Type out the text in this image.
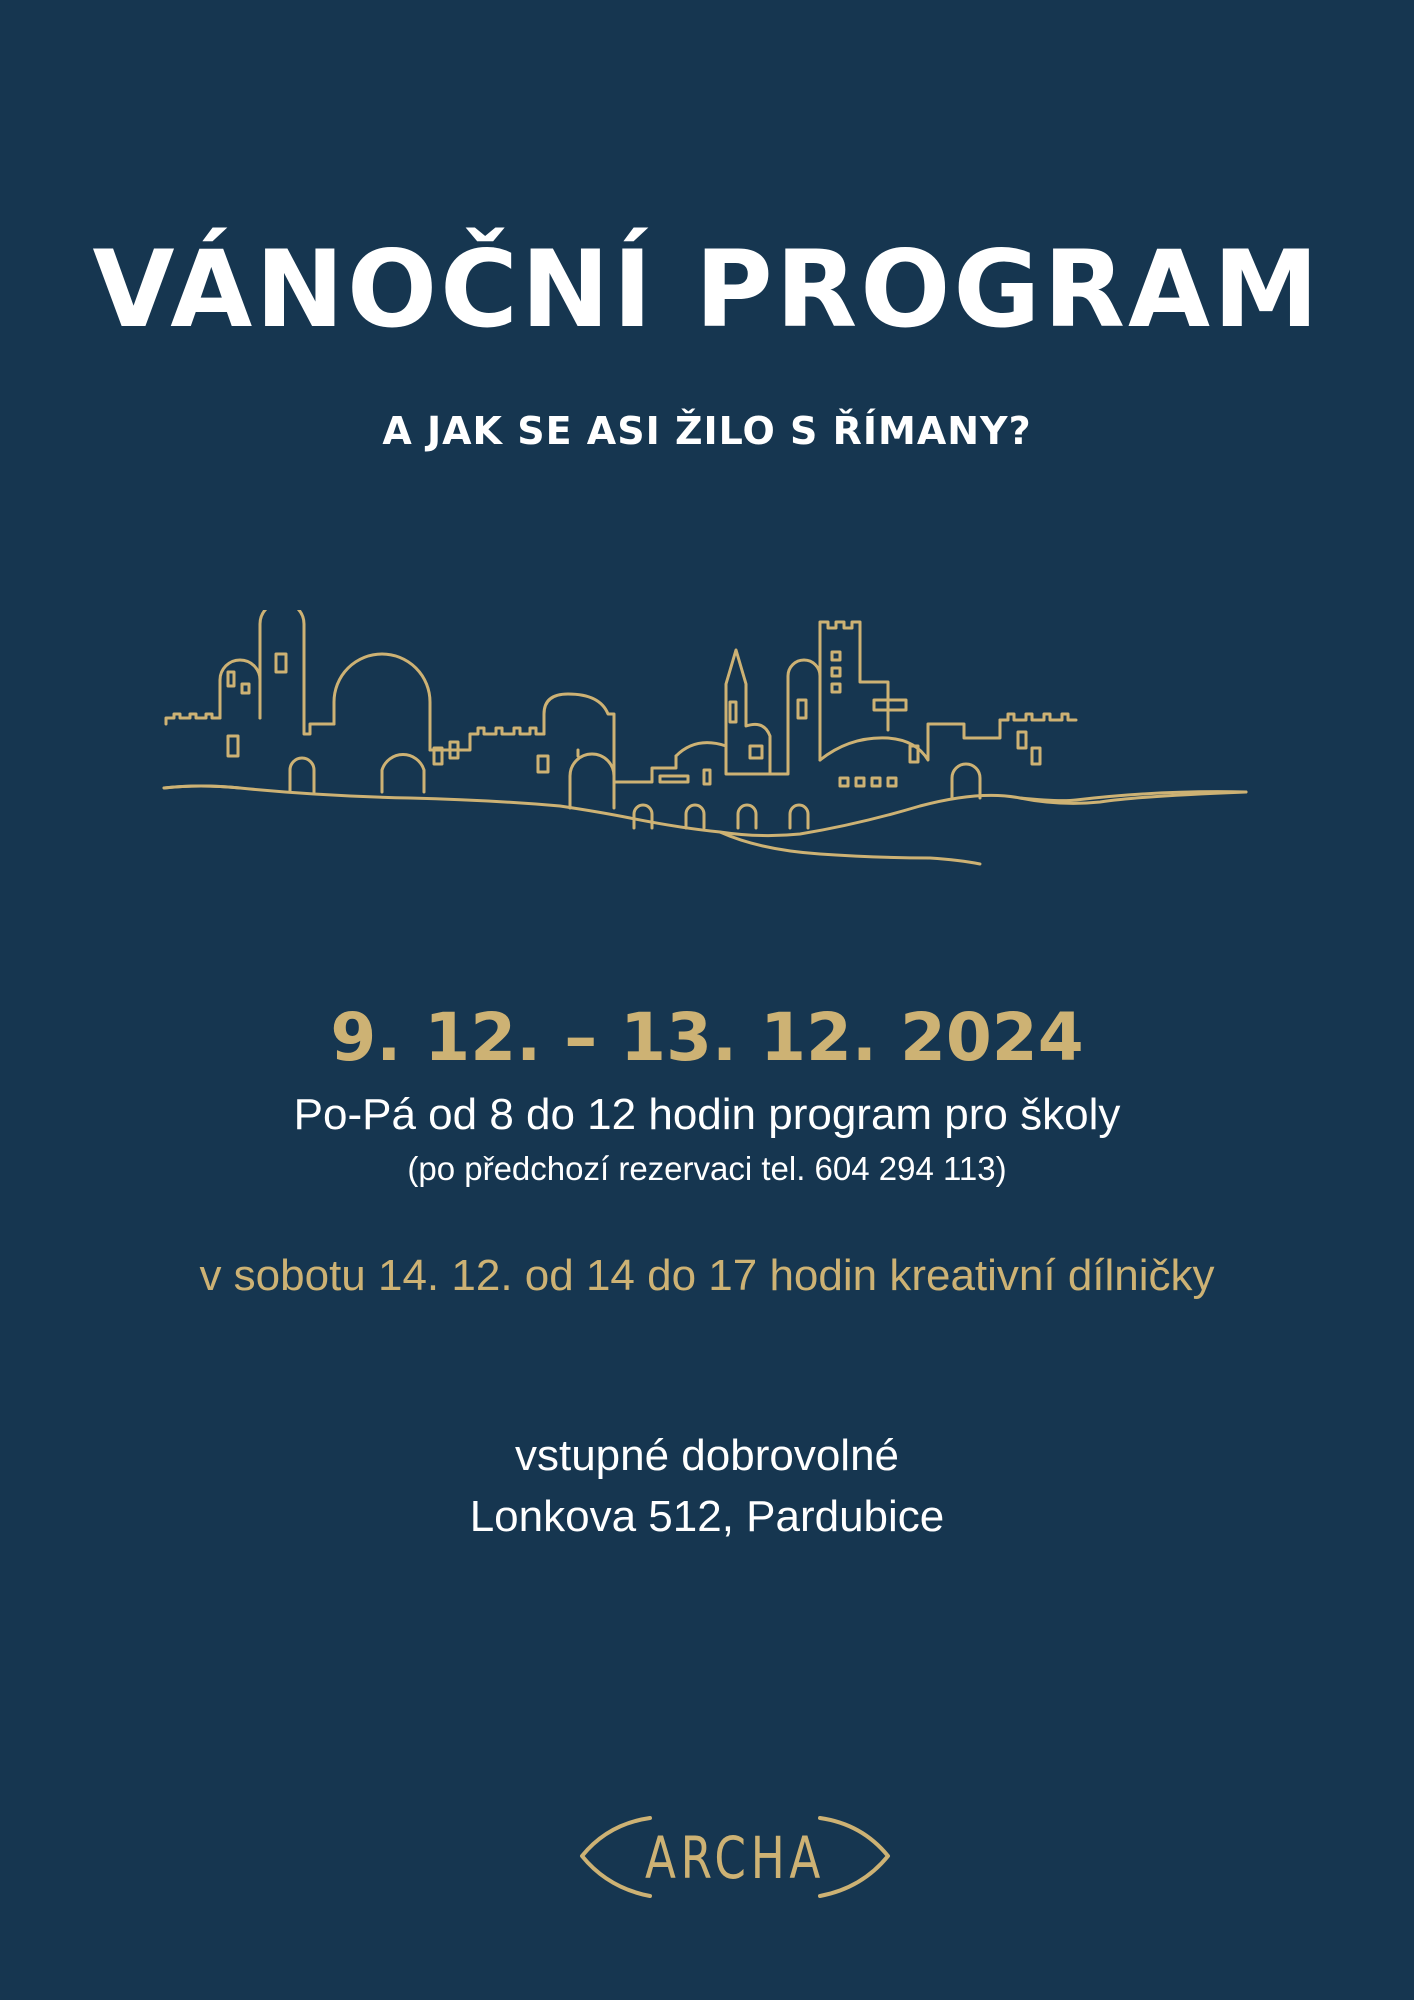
VÁNOČNÍ PROGRAM
A JAK SE ASI ŽILO S ŘÍMANY?
9. 12. – 13. 12. 2024
Po-Pá od 8 do 12 hodin program pro školy
(po předchozí rezervaci tel. 604 294 113)
v sobotu 14. 12. od 14 do 17 hodin kreativní dílničky
vstupné dobrovolné
Lonkova 512, Pardubice
ARCHA
